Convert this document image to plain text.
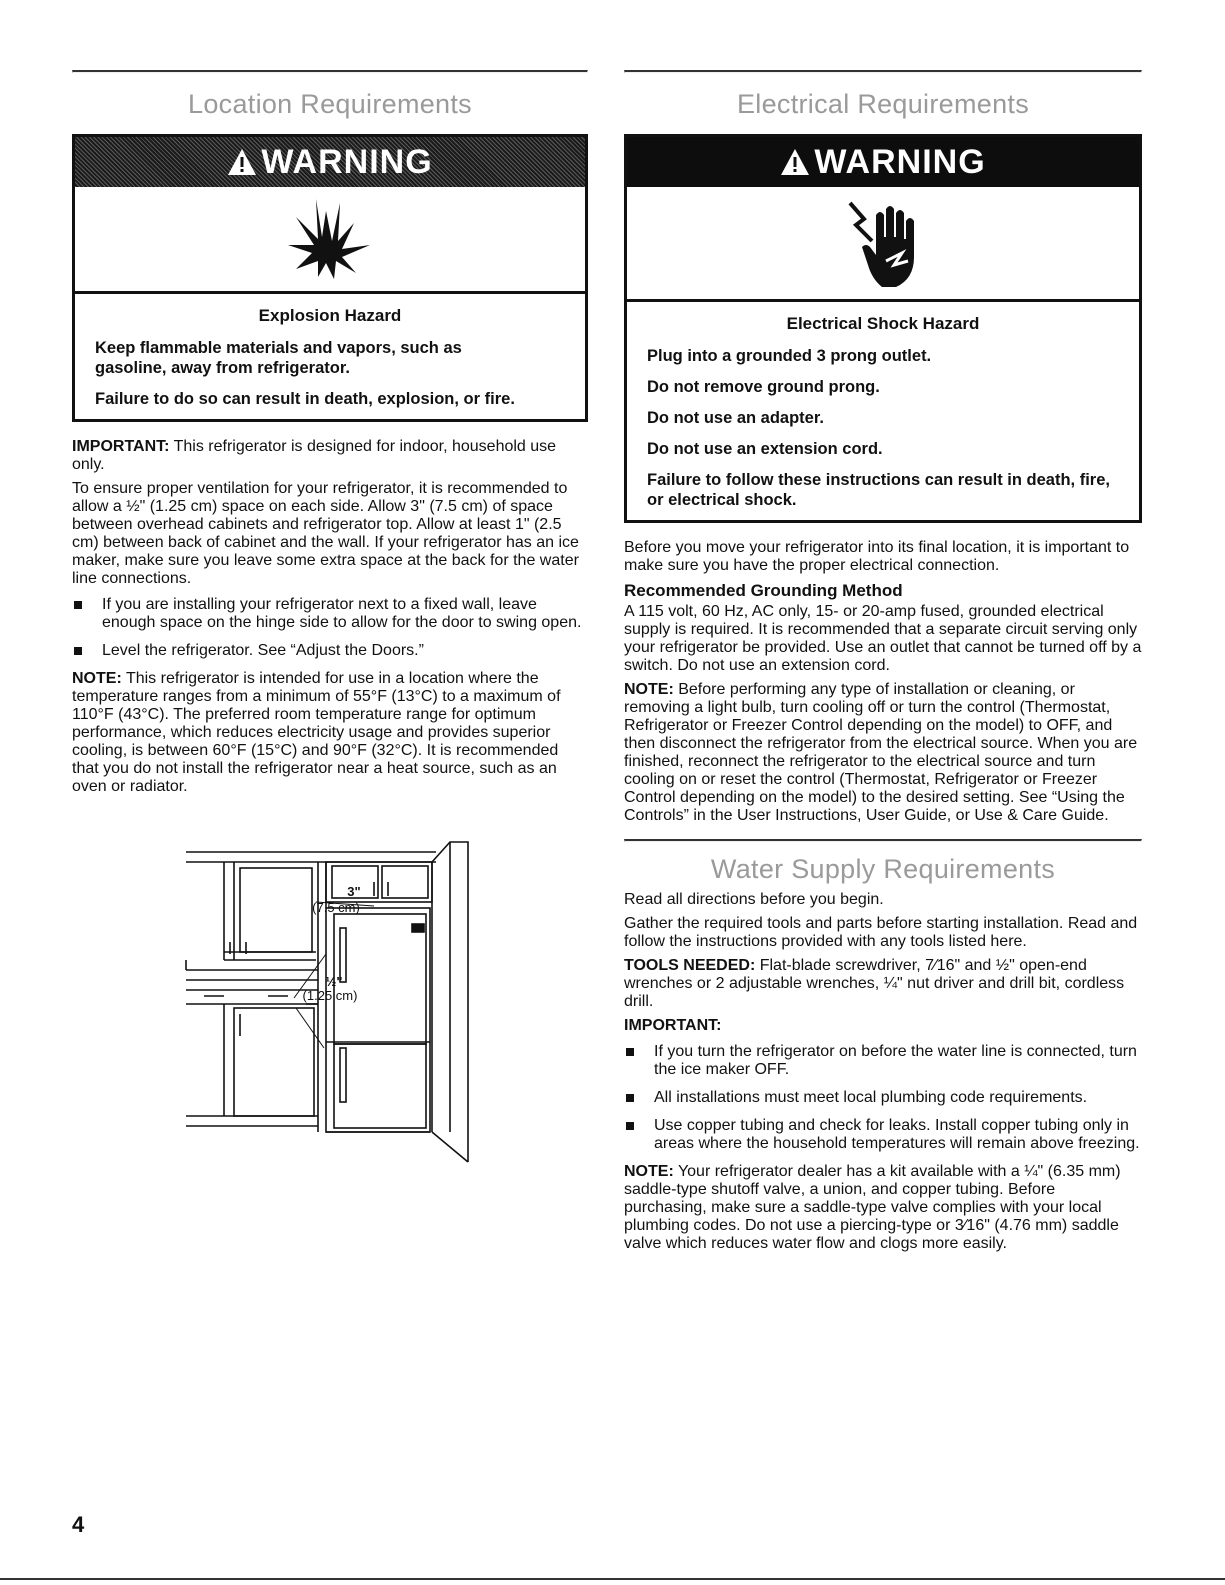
Location Requirements
WARNING
Explosion Hazard
Keep flammable materials and vapors, such as gasoline, away from refrigerator.
Failure to do so can result in death, explosion, or fire.

IMPORTANT: This refrigerator is designed for indoor, household use only.

To ensure proper ventilation for your refrigerator, it is recommended to allow a ½" (1.25 cm) space on each side. Allow 3" (7.5 cm) of space between overhead cabinets and refrigerator top. Allow at least 1" (2.5 cm) between back of cabinet and the wall. If your refrigerator has an ice maker, make sure you leave some extra space at the back for the water line connections.

If you are installing your refrigerator next to a fixed wall, leave enough space on the hinge side to allow for the door to swing open.
Level the refrigerator. See “Adjust the Doors.”

NOTE: This refrigerator is intended for use in a location where the temperature ranges from a minimum of 55°F (13°C) to a maximum of 110°F (43°C). The preferred room temperature range for optimum performance, which reduces electricity usage and provides superior cooling, is between 60°F (15°C) and 90°F (32°C). It is recommended that you do not install the refrigerator near a heat source, such as an oven or radiator.

3"
(7.5 cm)
½"
(1.25 cm)
Electrical Requirements
WARNING
Electrical Shock Hazard
Plug into a grounded 3 prong outlet.
Do not remove ground prong.
Do not use an adapter.
Do not use an extension cord.
Failure to follow these instructions can result in death, fire, or electrical shock.

Before you move your refrigerator into its final location, it is important to make sure you have the proper electrical connection.

Recommended Grounding Method

A 115 volt, 60 Hz, AC only, 15- or 20-amp fused, grounded electrical supply is required. It is recommended that a separate circuit serving only your refrigerator be provided. Use an outlet that cannot be turned off by a switch. Do not use an extension cord.

NOTE: Before performing any type of installation or cleaning, or removing a light bulb, turn cooling off or turn the control (Thermostat, Refrigerator or Freezer Control depending on the model) to OFF, and then disconnect the refrigerator from the electrical source. When you are finished, reconnect the refrigerator to the electrical source and turn cooling on or reset the control (Thermostat, Refrigerator or Freezer Control depending on the model) to the desired setting. See “Using the Controls” in the User Instructions, User Guide, or Use & Care Guide.

Water Supply Requirements

Read all directions before you begin.

Gather the required tools and parts before starting installation. Read and follow the instructions provided with any tools listed here.

TOOLS NEEDED: Flat-blade screwdriver, 7⁄16" and ½" open-end wrenches or 2 adjustable wrenches, ¼" nut driver and drill bit, cordless drill.

IMPORTANT:
If you turn the refrigerator on before the water line is connected, turn the ice maker OFF.
All installations must meet local plumbing code requirements.
Use copper tubing and check for leaks. Install copper tubing only in areas where the household temperatures will remain above freezing.

NOTE: Your refrigerator dealer has a kit available with a ¼" (6.35 mm) saddle-type shutoff valve, a union, and copper tubing. Before purchasing, make sure a saddle-type valve complies with your local plumbing codes. Do not use a piercing-type or 3⁄16" (4.76 mm) saddle valve which reduces water flow and clogs more easily.

4
